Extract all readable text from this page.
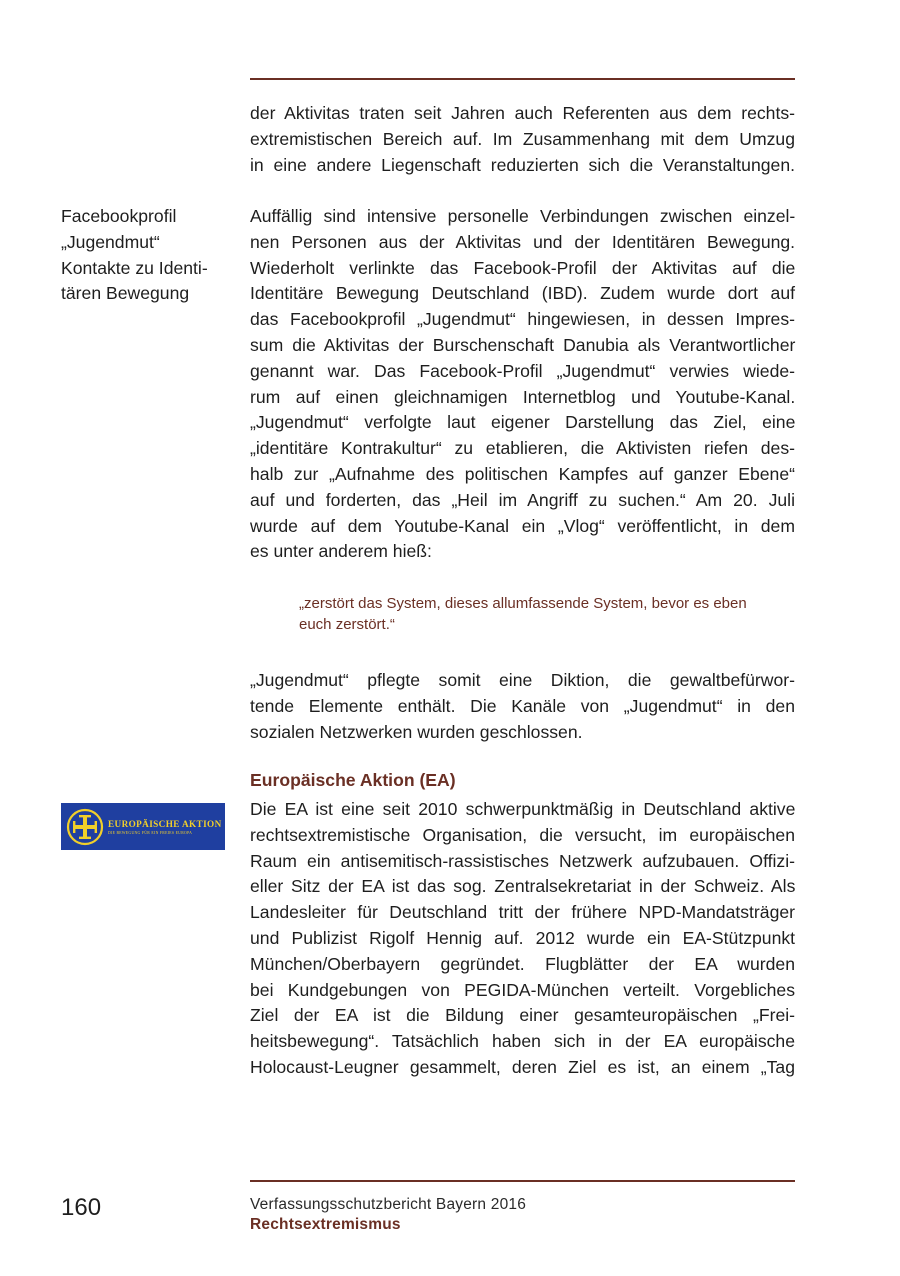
der Aktivitas traten seit Jahren auch Referenten aus dem rechts-
extremistischen Bereich auf. Im Zusammenhang mit dem Umzug
in eine andere Liegenschaft reduzierten sich die Veranstaltungen.
Facebookprofil
„Jugendmut“
Kontakte zu Identi-
tären Bewegung
Auffällig sind intensive personelle Verbindungen zwischen einzel-
nen Personen aus der Aktivitas und der Identitären Bewegung.
Wiederholt verlinkte das Facebook-Profil der Aktivitas auf die
Identitäre Bewegung Deutschland (IBD). Zudem wurde dort auf
das Facebookprofil „Jugendmut“ hingewiesen, in dessen Impres-
sum die Aktivitas der Burschenschaft Danubia als Verantwortlicher
genannt war. Das Facebook-Profil „Jugendmut“ verwies wiede-
rum auf einen gleichnamigen Internetblog und Youtube-Kanal.
„Jugendmut“ verfolgte laut eigener Darstellung das Ziel, eine
„identitäre Kontrakultur“ zu etablieren, die Aktivisten riefen des-
halb zur „Aufnahme des politischen Kampfes auf ganzer Ebene“
auf und forderten, das „Heil im Angriff zu suchen.“ Am 20. Juli
wurde auf dem Youtube-Kanal ein „Vlog“ veröffentlicht, in dem
es unter anderem hieß:
„zerstört das System, dieses allumfassende System, bevor es eben
euch zerstört.“
„Jugendmut“ pflegte somit eine Diktion, die gewaltbefürwor-
tende Elemente enthält. Die Kanäle von „Jugendmut“ in den
sozialen Netzwerken wurden geschlossen.
Europäische Aktion (EA)
EUROPÄISCHE AKTION
DIE BEWEGUNG FÜR EIN FREIES EUROPA
Die EA ist eine seit 2010 schwerpunktmäßig in Deutschland aktive
rechtsextremistische Organisation, die versucht, im europäischen
Raum ein antisemitisch-rassistisches Netzwerk aufzubauen. Offizi-
eller Sitz der EA ist das sog. Zentralsekretariat in der Schweiz. Als
Landesleiter für Deutschland tritt der frühere NPD-Mandatsträger
und Publizist Rigolf Hennig auf. 2012 wurde ein EA-Stützpunkt
München/Oberbayern gegründet. Flugblätter der EA wurden
bei Kundgebungen von PEGIDA-München verteilt. Vorgebliches
Ziel der EA ist die Bildung einer gesamteuropäischen „Frei-
heitsbewegung“. Tatsächlich haben sich in der EA europäische
Holocaust-Leugner gesammelt, deren Ziel es ist, an einem „Tag
160	Verfassungsschutzbericht Bayern 2016
Rechtsextremismus
